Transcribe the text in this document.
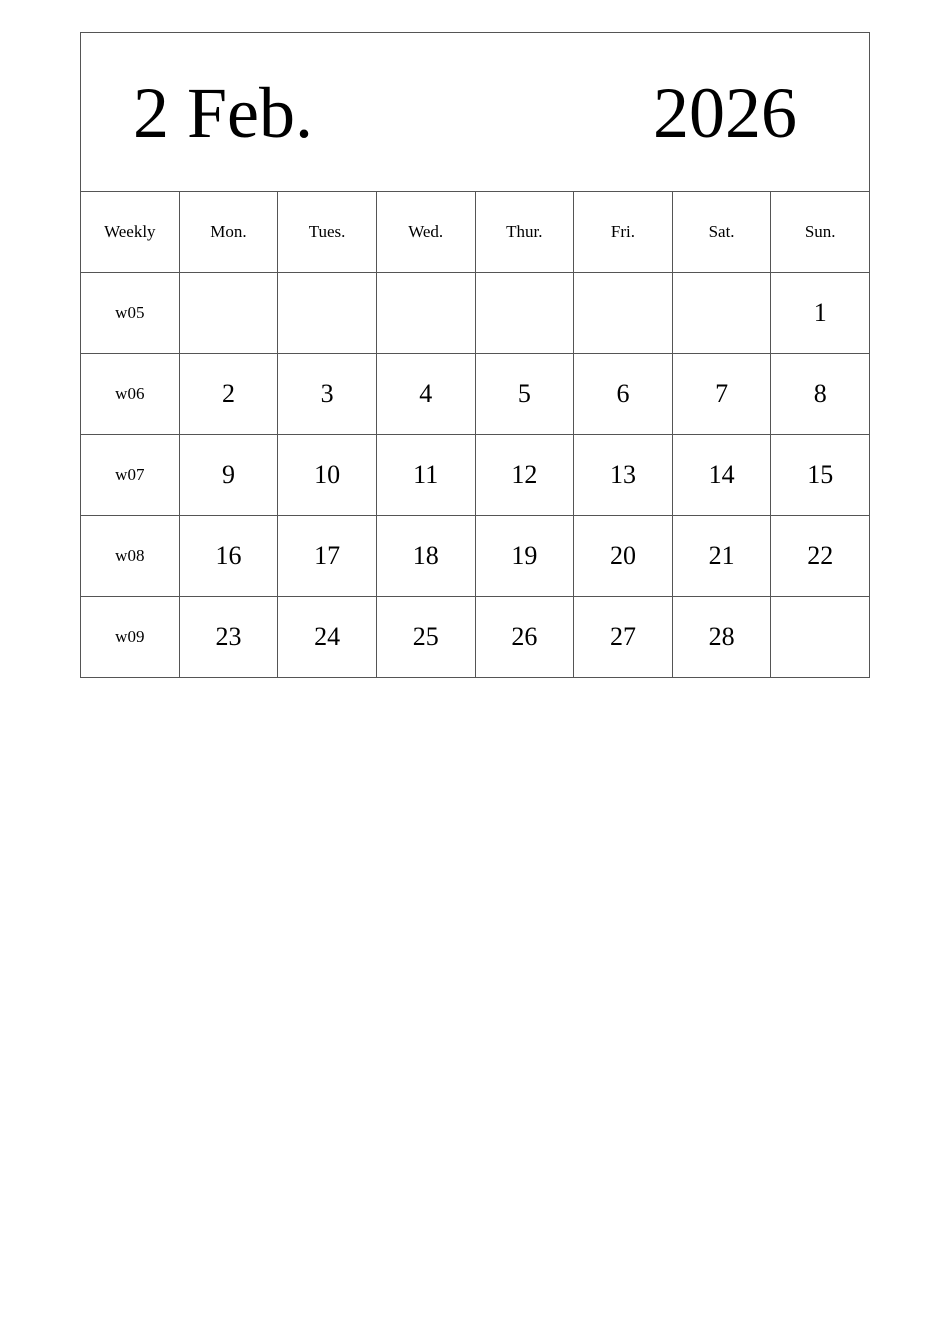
2 Feb.	2026
Weekly	Mon.	Tues.	Wed.	Thur.	Fri.	Sat.	Sun.
w05							1
w06	2	3	4	5	6	7	8
w07	9	10	11	12	13	14	15
w08	16	17	18	19	20	21	22
w09	23	24	25	26	27	28	
